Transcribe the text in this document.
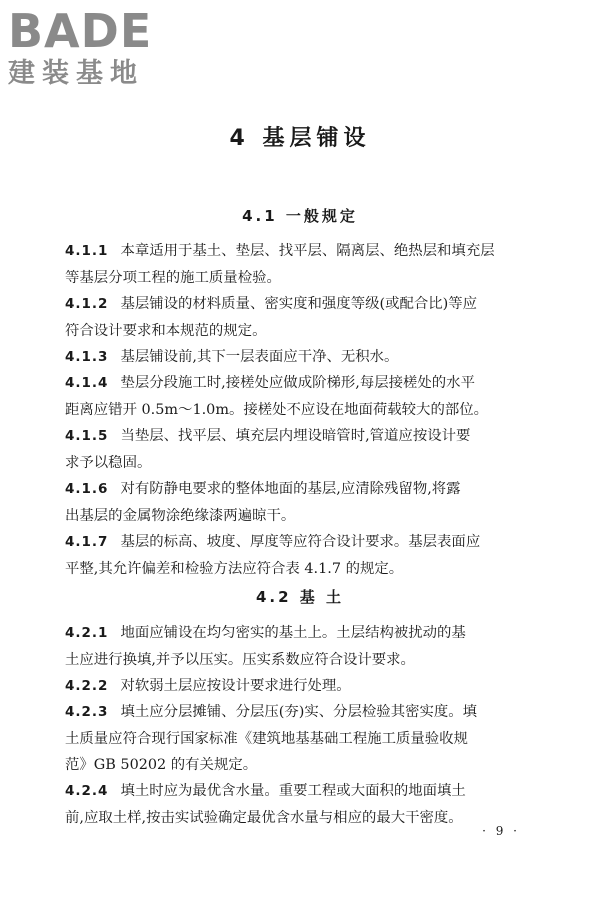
BADE
建装基地
4 基层铺设
4.1 一般规定
4.1.1 本章适用于基土、垫层、找平层、隔离层、绝热层和填充层
等基层分项工程的施工质量检验。
4.1.2 基层铺设的材料质量、密实度和强度等级(或配合比)等应
符合设计要求和本规范的规定。
4.1.3 基层铺设前,其下一层表面应干净、无积水。
4.1.4 垫层分段施工时,接槎处应做成阶梯形,每层接槎处的水平
距离应错开 0.5m～1.0m。接槎处不应设在地面荷载较大的部位。
4.1.5 当垫层、找平层、填充层内埋设暗管时,管道应按设计要
求予以稳固。
4.1.6 对有防静电要求的整体地面的基层,应清除残留物,将露
出基层的金属物涂绝缘漆两遍晾干。
4.1.7 基层的标高、坡度、厚度等应符合设计要求。基层表面应
平整,其允许偏差和检验方法应符合表 4.1.7 的规定。
4.2 基 土
4.2.1 地面应铺设在均匀密实的基土上。土层结构被扰动的基
土应进行换填,并予以压实。压实系数应符合设计要求。
4.2.2 对软弱土层应按设计要求进行处理。
4.2.3 填土应分层摊铺、分层压(夯)实、分层检验其密实度。填
土质量应符合现行国家标准《建筑地基基础工程施工质量验收规
范》GB 50202 的有关规定。
4.2.4 填土时应为最优含水量。重要工程或大面积的地面填土
前,应取土样,按击实试验确定最优含水量与相应的最大干密度。
· 9 ·
